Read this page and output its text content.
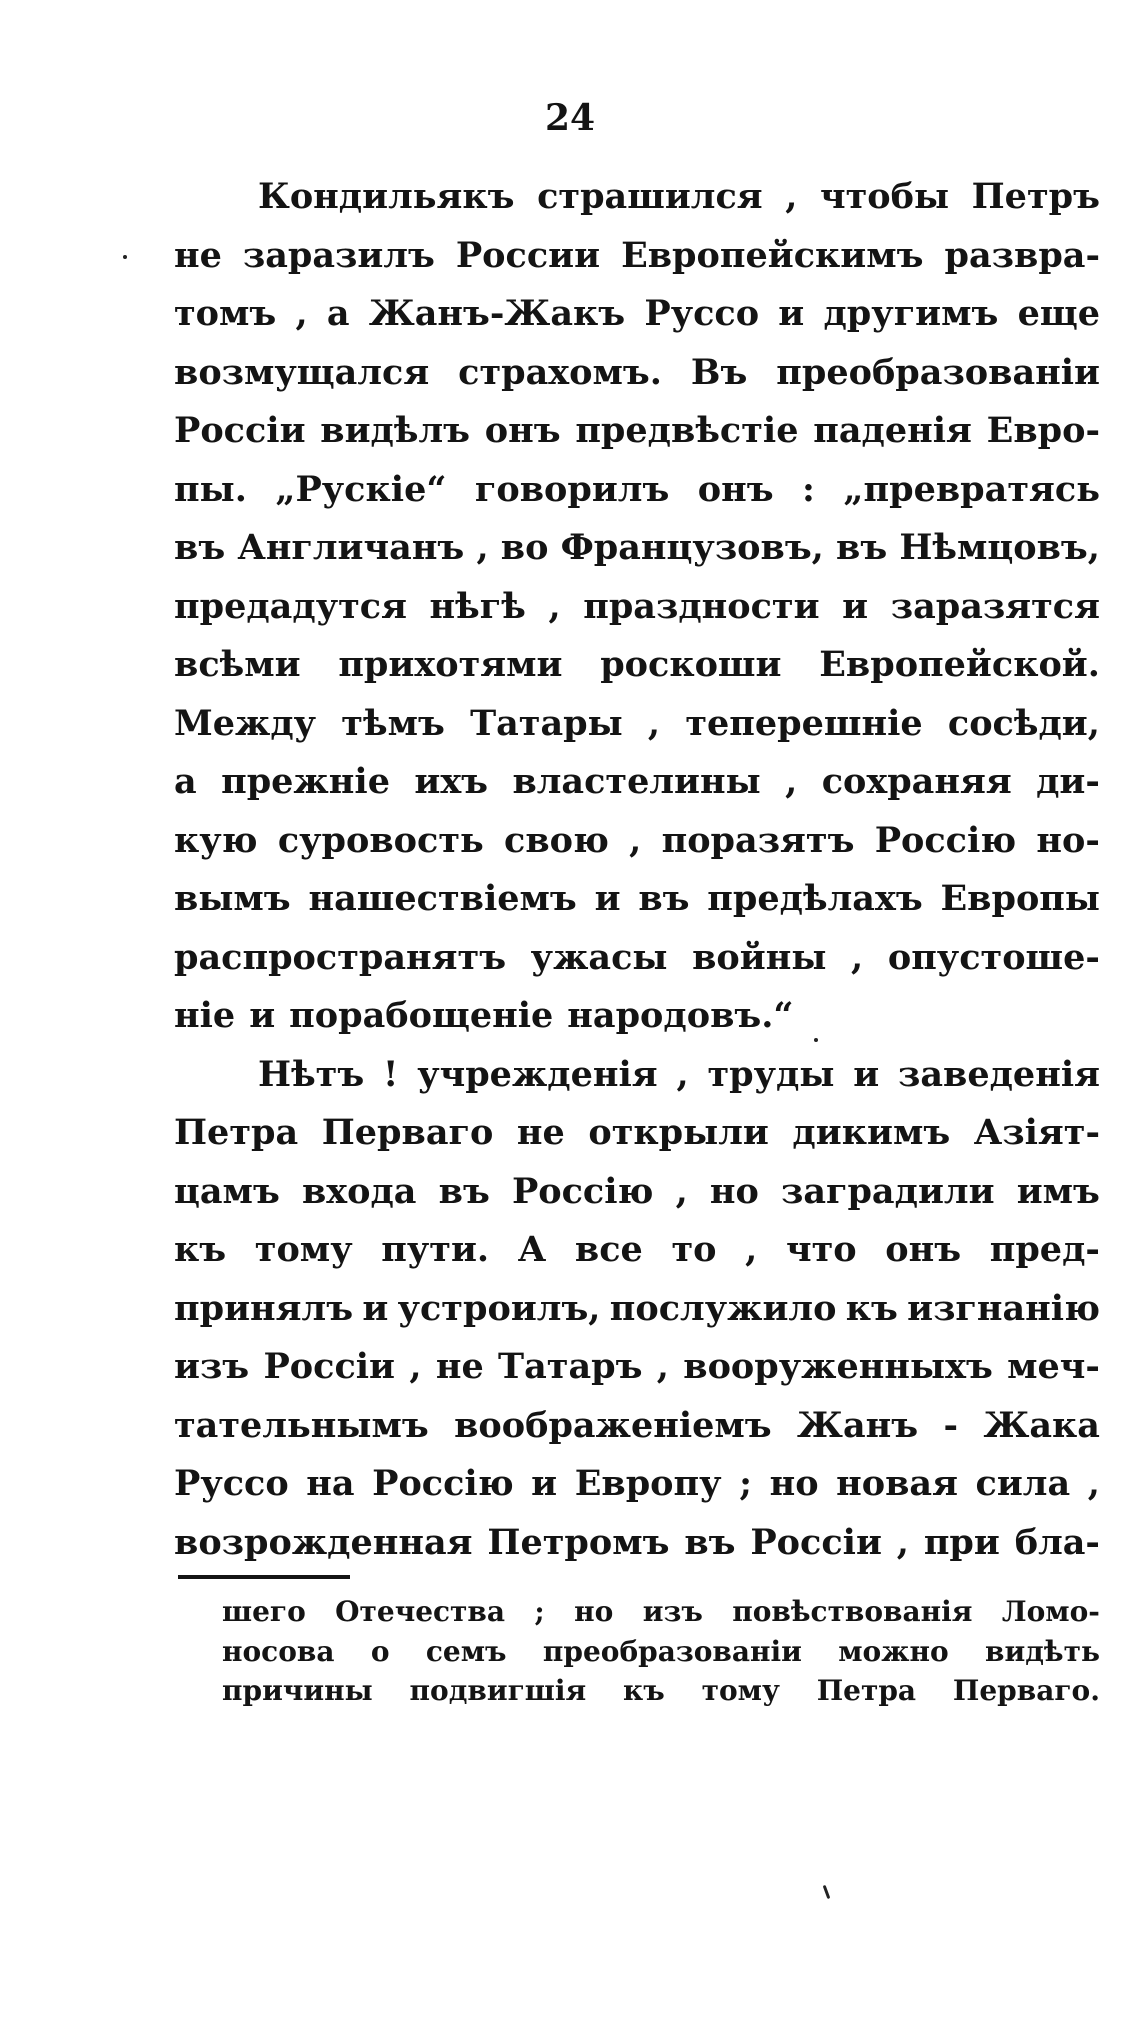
24
Кондильякъ страшился , чтобы Петръ
не заразилъ России Европейскимъ развра-
томъ , а Жанъ-Жакъ Руссо и другимъ еще
возмущался страхомъ. Въ преобразованіи
Россіи видѣлъ онъ предвѣстіе паденія Евро-
пы. „Рускіе“ говорилъ онъ : „превратясь
въ Англичанъ , во Французовъ, въ Нѣмцовъ,
предадутся нѣгѣ , праздности и заразятся
всѣми прихотями роскоши Европейской.
Между тѣмъ Татары , теперешніе сосѣди,
а прежніе ихъ властелины , сохраняя ди-
кую суровость свою , поразятъ Россію но-
вымъ нашествіемъ и въ предѣлахъ Европы
распространятъ ужасы войны , опустоше-
ніе и порабощеніе народовъ.“
Нѣтъ ! учрежденія , труды и заведенія
Петра Перваго не открыли дикимъ Азіят-
цамъ входа въ Россію , но заградили имъ
къ тому пути. А все то , что онъ пред-
принялъ и устроилъ, послужило къ изгнанію
изъ Россіи , не Татаръ , вооруженныхъ меч-
тательнымъ воображеніемъ Жанъ - Жака
Руссо на Россію и Европу ; но новая сила ,
возрожденная Петромъ въ Россіи , при бла-
шего Отечества ; но изъ повѣствованія Ломо-
носова о семъ преобразованіи можно видѣть
причины подвигшія къ тому Петра Перваго.
